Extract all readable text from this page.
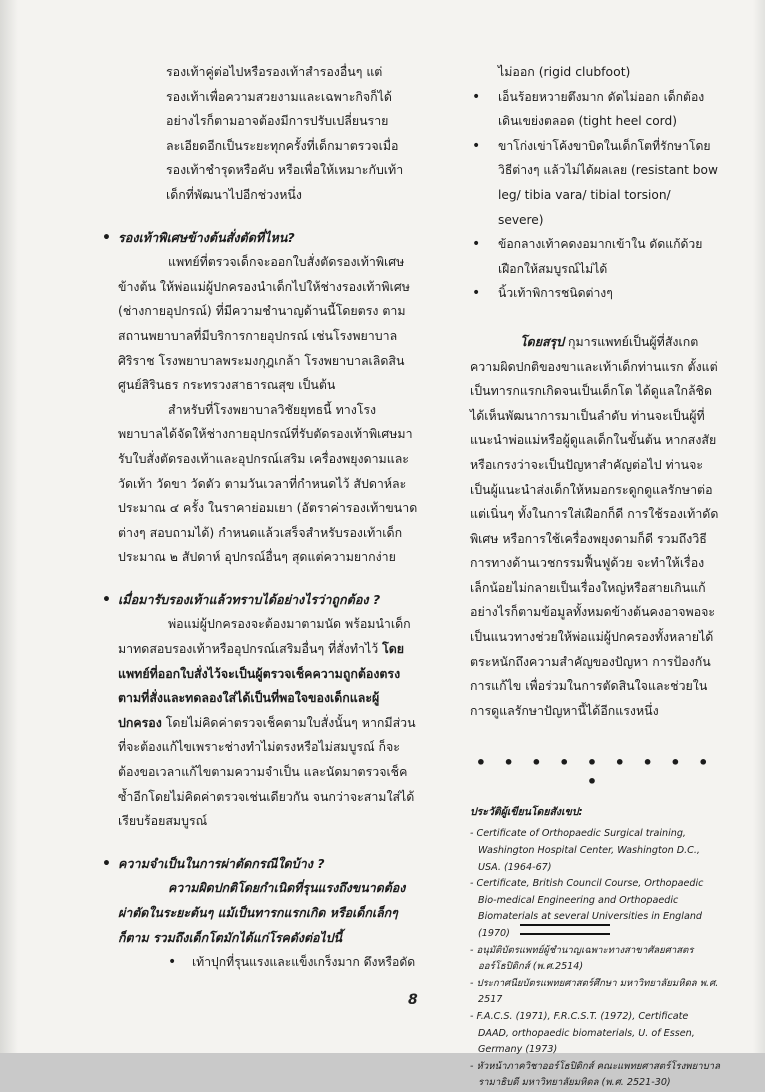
รองเท้าคู่ต่อไปหรือรองเท้าสำรองอื่นๆ แต่รองเท้าเพื่อความสวยงามและเฉพาะกิจก็ได้ อย่างไรก็ตามอาจต้องมีการปรับเปลี่ยนรายละเอียดอีกเป็นระยะทุกครั้งที่เด็กมาตรวจเมื่อรองเท้าชำรุดหรือคับ หรือเพื่อให้เหมาะกับเท้าเด็กที่พัฒนาไปอีกช่วงหนึ่ง

• รองเท้าพิเศษข้างต้นสั่งตัดที่ไหน?

แพทย์ที่ตรวจเด็กจะออกใบสั่งตัดรองเท้าพิเศษข้างต้น ให้พ่อแม่ผู้ปกครองนำเด็กไปให้ช่างรองเท้าพิเศษ (ช่างกายอุปกรณ์) ที่มีความชำนาญด้านนี้โดยตรง ตามสถานพยาบาลที่มีบริการกายอุปกรณ์ เช่นโรงพยาบาลศิริราช โรงพยาบาลพระมงกุฎเกล้า โรงพยาบาลเลิดสิน ศูนย์สิรินธร กระทรวงสาธารณสุข เป็นต้น

สำหรับที่โรงพยาบาลวิชัยยุทธนี้ ทางโรงพยาบาลได้จัดให้ช่างกายอุปกรณ์ที่รับตัดรองเท้าพิเศษมารับใบสั่งตัดรองเท้าและอุปกรณ์เสริม เครื่องพยุงดามและวัดเท้า วัดขา วัดตัว ตามวันเวลาที่กำหนดไว้ สัปดาห์ละประมาณ ๔ ครั้ง ในราคาย่อมเยา (อัตราค่ารองเท้าขนาดต่างๆ สอบถามได้) กำหนดแล้วเสร็จสำหรับรองเท้าเด็กประมาณ ๒ สัปดาห์ อุปกรณ์อื่นๆ สุดแต่ความยากง่าย

• เมื่อมารับรองเท้าแล้วทราบได้อย่างไรว่าถูกต้อง ?

พ่อแม่ผู้ปกครองจะต้องมาตามนัด พร้อมนำเด็กมาทดสอบรองเท้าหรืออุปกรณ์เสริมอื่นๆ ที่สั่งทำไว้ โดยแพทย์ที่ออกใบสั่งไว้จะเป็นผู้ตรวจเช็คความถูกต้องตรงตามที่สั่งและทดลองใส่ได้เป็นที่พอใจของเด็กและผู้ปกครอง โดยไม่คิดค่าตรวจเช็คตามใบสั่งนั้นๆ หากมีส่วนที่จะต้องแก้ไขเพราะช่างทำไม่ตรงหรือไม่สมบูรณ์ ก็จะต้องขอเวลาแก้ไขตามความจำเป็น และนัดมาตรวจเช็คซ้ำอีกโดยไม่คิดค่าตรวจเช่นเดียวกัน จนกว่าจะสามใส่ได้เรียบร้อยสมบูรณ์

• ความจำเป็นในการผ่าตัดกรณีใดบ้าง ?

ความผิดปกติโดยกำเนิดที่รุนแรงถึงขนาดต้องผ่าตัดในระยะต้นๆ แม้เป็นทารกแรกเกิด หรือเด็กเล็กๆ ก็ตาม รวมถึงเด็กโตมักได้แก่โรคดังต่อไปนี้

• เท้าปุกที่รุนแรงและแข็งเกร็งมาก ดึงหรือดัด

ไม่ออก (rigid clubfoot)

• เอ็นร้อยหวายตึงมาก ดัดไม่ออก เด็กต้องเดินเขย่งตลอด (tight heel cord)
• ขาโก่งเข่าโค้งขาบิดในเด็กโตที่รักษาโดยวิธีต่างๆ แล้วไม่ได้ผลเลย (resistant bow leg/ tibia vara/ tibial torsion/ severe)
• ข้อกลางเท้าคดงอมากเข้าใน ดัดแก้ด้วยเฝือกให้สมบูรณ์ไม่ได้
• นิ้วเท้าพิการชนิดต่างๆ

โดยสรุป กุมารแพทย์เป็นผู้ที่สังเกตความผิดปกติของขาและเท้าเด็กท่านแรก ตั้งแต่เป็นทารกแรกเกิดจนเป็นเด็กโต ได้ดูแลใกล้ชิดได้เห็นพัฒนาการมาเป็นลำดับ ท่านจะเป็นผู้ที่แนะนำพ่อแม่หรือผู้ดูแลเด็กในขั้นต้น หากสงสัยหรือเกรงว่าจะเป็นปัญหาสำคัญต่อไป ท่านจะเป็นผู้แนะนำส่งเด็กให้หมอกระดูกดูแลรักษาต่อแต่เนิ่นๆ ทั้งในการใส่เฝือกก็ดี การใช้รองเท้าดัดพิเศษ หรือการใช้เครื่องพยุงดามก็ดี รวมถึงวิธีการทางด้านเวชกรรมฟื้นฟูด้วย จะทำให้เรื่องเล็กน้อยไม่กลายเป็นเรื่องใหญ่หรือสายเกินแก้ อย่างไรก็ตามข้อมูลทั้งหมดข้างต้นคงอาจพอจะเป็นแนวทางช่วยให้พ่อแม่ผู้ปกครองทั้งหลายได้ตระหนักถึงความสำคัญของปัญหา การป้องกัน การแก้ไข เพื่อร่วมในการตัดสินใจและช่วยในการดูแลรักษาปัญหานี้ได้อีกแรงหนึ่ง

• • • • • • • • • •

ประวัติผู้เขียนโดยสังเขป:

- Certificate of Orthopaedic Surgical training, Washington Hospital Center, Washington D.C., USA. (1964-67)
- Certificate, British Council Course, Orthopaedic Bio-medical Engineering and Orthopaedic Biomaterials at several Universities in England (1970)
- อนุมัติบัตรแพทย์ผู้ชำนาญเฉพาะทางสาขาศัลยศาสตรออร์โธปิดิกส์ (พ.ศ.2514)
- ประกาศนียบัตรแพทยศาสตร์ศึกษา มหาวิทยาลัยมหิดล พ.ศ. 2517
- F.A.C.S. (1971), F.R.C.S.T. (1972), Certificate DAAD, orthopaedic biomaterials, U. of Essen, Germany (1973)
- หัวหน้าภาควิชาออร์โธปิดิกส์ คณะแพทยศาสตร์โรงพยาบาลรามาธิบดี มหาวิทยาลัยมหิดล (พ.ศ. 2521-30)
8
